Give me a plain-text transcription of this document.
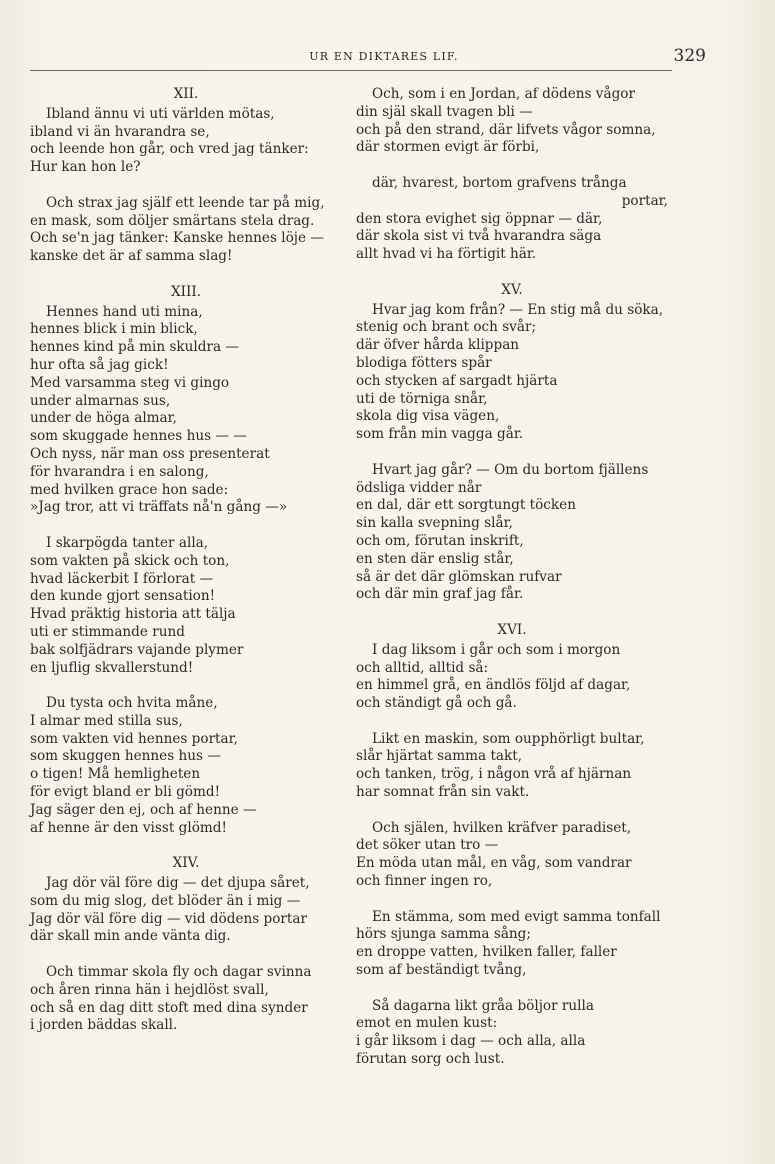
UR EN DIKTARES LIF.	329
XII.
Ibland ännu vi uti världen mötas,
ibland vi än hvarandra se,
och leende hon går, och vred jag tänker:
Hur kan hon le?
Och strax jag själf ett leende tar på mig,
en mask, som döljer smärtans stela drag.
Och se'n jag tänker: Kanske hennes löje —
kanske det är af samma slag!
XIII.
Hennes hand uti mina,
hennes blick i min blick,
hennes kind på min skuldra —
hur ofta så jag gick!
Med varsamma steg vi gingo
under almarnas sus,
under de höga almar,
som skuggade hennes hus — —
Och nyss, när man oss presenterat
för hvarandra i en salong,
med hvilken grace hon sade:
»Jag tror, att vi träffats nå'n gång —»
I skarpögda tanter alla,
som vakten på skick och ton,
hvad läckerbit I förlorat —
den kunde gjort sensation!
Hvad präktig historia att tälja
uti er stimmande rund
bak solfjädrars vajande plymer
en ljuflig skvallerstund!
Du tysta och hvita måne,
I almar med stilla sus,
som vakten vid hennes portar,
som skuggen hennes hus —
o tigen! Må hemligheten
för evigt bland er bli gömd!
Jag säger den ej, och af henne —
af henne är den visst glömd!
XIV.
Jag dör väl före dig — det djupa såret,
som du mig slog, det blöder än i mig —
Jag dör väl före dig — vid dödens portar
där skall min ande vänta dig.
Och timmar skola fly och dagar svinna
och åren rinna hän i hejdlöst svall,
och så en dag ditt stoft med dina synder
i jorden bäddas skall.
Och, som i en Jordan, af dödens vågor
din själ skall tvagen bli —
och på den strand, där lifvets vågor somna,
där stormen evigt är förbi,
där, hvarest, bortom grafvens trånga
portar,
den stora evighet sig öppnar — där,
där skola sist vi två hvarandra säga
allt hvad vi ha förtigit här.
XV.
Hvar jag kom från? — En stig må du söka,
stenig och brant och svår;
där öfver hårda klippan
blodiga fötters spår
och stycken af sargadt hjärta
uti de törniga snår,
skola dig visa vägen,
som från min vagga går.
Hvart jag går? — Om du bortom fjällens
ödsliga vidder når
en dal, där ett sorgtungt töcken
sin kalla svepning slår,
och om, förutan inskrift,
en sten där enslig står,
så är det där glömskan rufvar
och där min graf jag får.
XVI.
I dag liksom i går och som i morgon
och alltid, alltid så:
en himmel grå, en ändlös följd af dagar,
och ständigt gå och gå.
Likt en maskin, som oupphörligt bultar,
slår hjärtat samma takt,
och tanken, trög, i någon vrå af hjärnan
har somnat från sin vakt.
Och själen, hvilken kräfver paradiset,
det söker utan tro —
En möda utan mål, en våg, som vandrar
och finner ingen ro,
En stämma, som med evigt samma tonfall
hörs sjunga samma sång;
en droppe vatten, hvilken faller, faller
som af beständigt tvång,
Så dagarna likt gråa böljor rulla
emot en mulen kust:
i går liksom i dag — och alla, alla
förutan sorg och lust.
